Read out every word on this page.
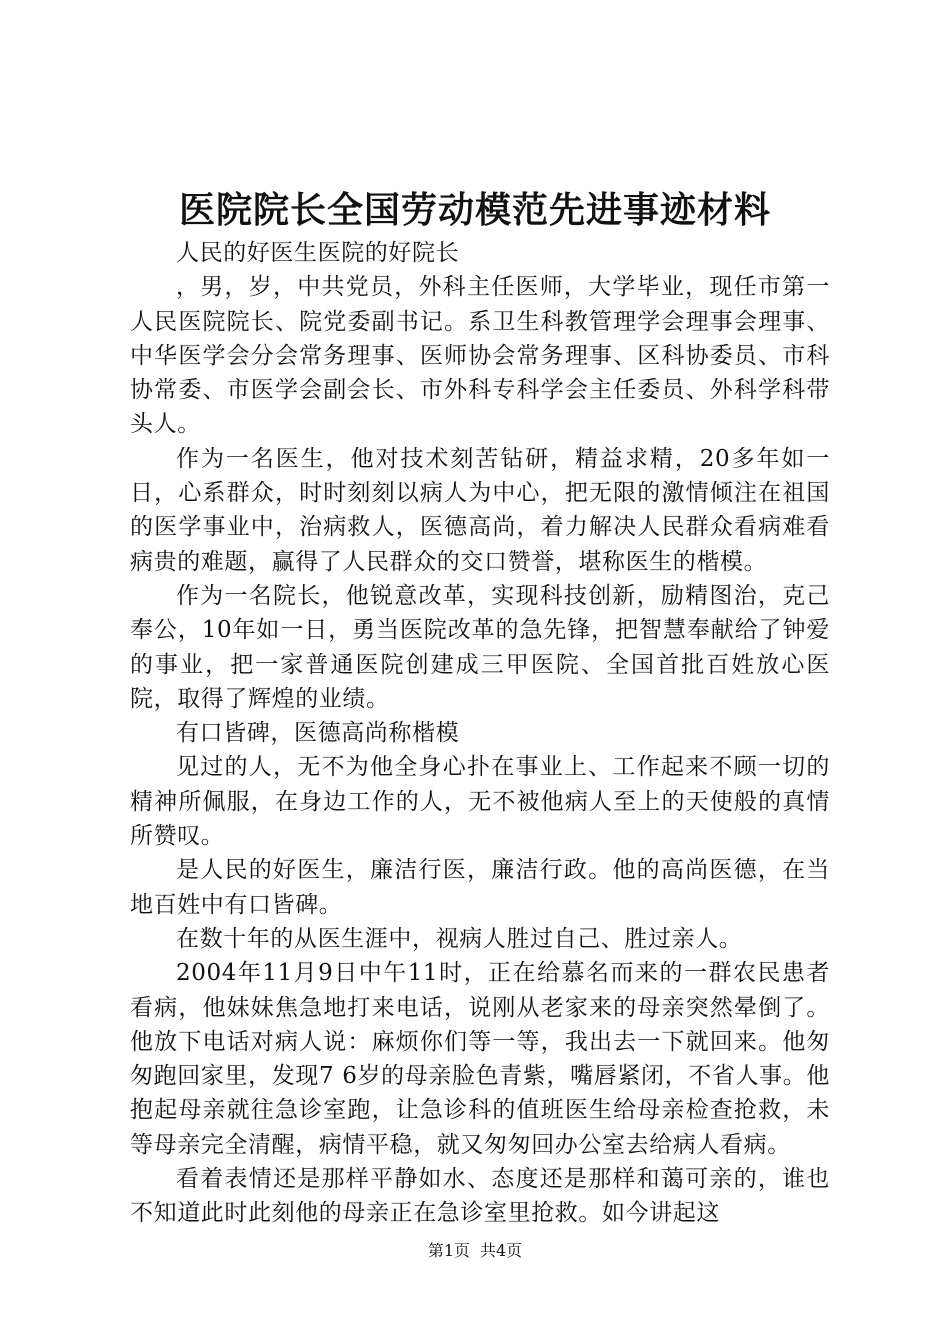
医院院长全国劳动模范先进事迹材料

人民的好医生医院的好院长

，男，岁，中共党员，外科主任医师，大学毕业，现任市第一人民医院院长、院党委副书记。系卫生科教管理学会理事会理事、中华医学会分会常务理事、医师协会常务理事、区科协委员、市科协常委、市医学会副会长、市外科专科学会主任委员、外科学科带头人。

作为一名医生，他对技术刻苦钻研，精益求精，20多年如一日，心系群众，时时刻刻以病人为中心，把无限的激情倾注在祖国的医学事业中，治病救人，医德高尚，着力解决人民群众看病难看病贵的难题，赢得了人民群众的交口赞誉，堪称医生的楷模。

作为一名院长，他锐意改革，实现科技创新，励精图治，克己奉公，10年如一日，勇当医院改革的急先锋，把智慧奉献给了钟爱的事业，把一家普通医院创建成三甲医院、全国首批百姓放心医院，取得了辉煌的业绩。

有口皆碑，医德高尚称楷模

见过的人，无不为他全身心扑在事业上、工作起来不顾一切的精神所佩服，在身边工作的人，无不被他病人至上的天使般的真情所赞叹。

是人民的好医生，廉洁行医，廉洁行政。他的高尚医德，在当地百姓中有口皆碑。

在数十年的从医生涯中，视病人胜过自己、胜过亲人。

2004年11月9日中午11时，正在给慕名而来的一群农民患者看病，他妹妹焦急地打来电话，说刚从老家来的母亲突然晕倒了。他放下电话对病人说：麻烦你们等一等，我出去一下就回来。他匆匆跑回家里，发现7 6岁的母亲脸色青紫，嘴唇紧闭，不省人事。他抱起母亲就往急诊室跑，让急诊科的值班医生给母亲检查抢救，未等母亲完全清醒，病情平稳，就又匆匆回办公室去给病人看病。

看着表情还是那样平静如水、态度还是那样和蔼可亲的，谁也不知道此时此刻他的母亲正在急诊室里抢救。如今讲起这

第1页 共4页
